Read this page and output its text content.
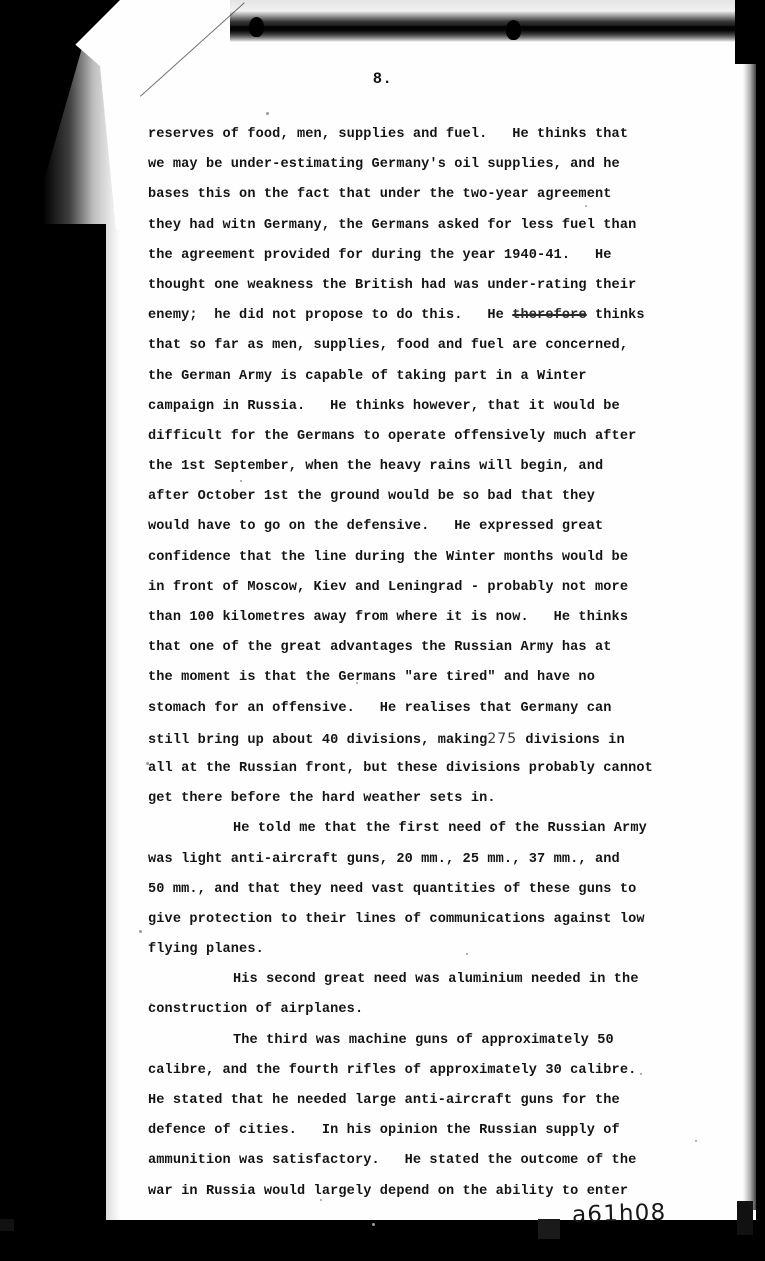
8.
reserves of food, men, supplies and fuel.   He thinks that
we may be under-estimating Germany's oil supplies, and he
bases this on the fact that under the two-year agreement
they had witn Germany, the Germans asked for less fuel than
the agreement provided for during the year 1940-41.   He
thought one weakness the British had was under-rating their
enemy;  he did not propose to do this.   He therefore thinks
that so far as men, supplies, food and fuel are concerned,
the German Army is capable of taking part in a Winter
campaign in Russia.   He thinks however, that it would be
difficult for the Germans to operate offensively much after
the 1st September, when the heavy rains will begin, and
after October 1st the ground would be so bad that they
would have to go on the defensive.   He expressed great
confidence that the line during the Winter months would be
in front of Moscow, Kiev and Leningrad - probably not more
than 100 kilometres away from where it is now.   He thinks
that one of the great advantages the Russian Army has at
the moment is that the Germans "are tired" and have no
stomach for an offensive.   He realises that Germany can
still bring up about 40 divisions, making275 divisions in
all at the Russian front, but these divisions probably cannot
get there before the hard weather sets in.
He told me that the first need of the Russian Army
was light anti-aircraft guns, 20 mm., 25 mm., 37 mm., and
50 mm., and that they need vast quantities of these guns to
give protection to their lines of communications against low
flying planes.
His second great need was aluminium needed in the
construction of airplanes.
The third was machine guns of approximately 50
calibre, and the fourth rifles of approximately 30 calibre.
He stated that he needed large anti-aircraft guns for the
defence of cities.   In his opinion the Russian supply of
ammunition was satisfactory.   He stated the outcome of the
war in Russia would largely depend on the ability to enter
a61h08
